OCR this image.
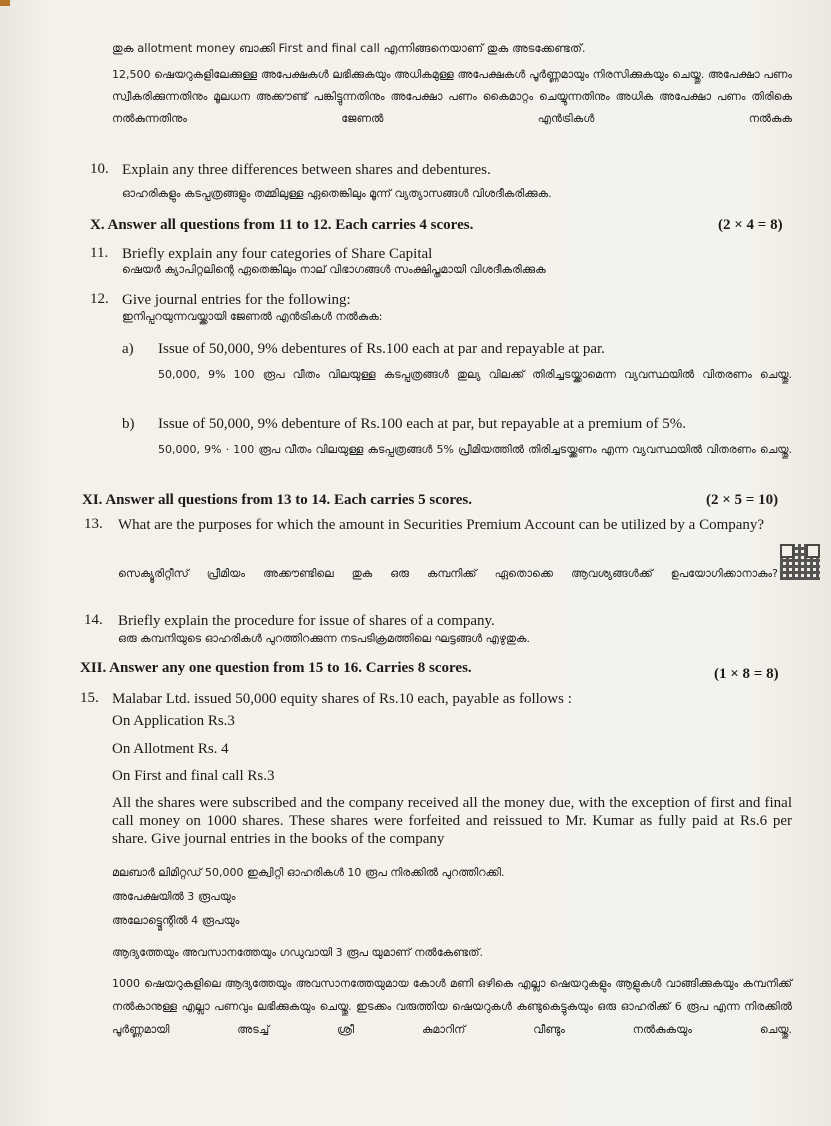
തുക allotment money ബാക്കി First and final call എന്നിങ്ങനെയാണ് തുക അടക്കേണ്ടത്.
12,500 ഷെയറുകളിലേക്കുള്ള അപേക്ഷകൾ ലഭിക്കുകയും അധികമുള്ള അപേക്ഷകൾ പൂർണ്ണമായും നിരസിക്കുകയും ചെയ്തു. അപേക്ഷാ പണം സ്വീകരിക്കുന്നതിനും മൂലധന അക്കൗണ്ട് പങ്കിട്ടുന്നതിനും അപേക്ഷാ പണം കൈമാറ്റം ചെയ്യുന്നതിനും അധിക അപേക്ഷാ പണം തിരികെ നൽകുന്നതിനും ജേണൽ എൻട്രികൾ നൽകുക
10. Explain any three differences between shares and debentures.
ഓഹരികളും കടപ്പത്രങ്ങളും തമ്മിലുള്ള ഏതെങ്കിലും മൂന്ന് വ്യത്യാസങ്ങൾ വിശദീകരിക്കുക.
X. Answer all questions from 11 to 12. Each carries 4 scores.	(2 × 4 = 8)
11. Briefly explain any four categories of Share Capital
ഷെയർ ക്യാപിറ്റലിന്റെ ഏതെങ്കിലും നാല് വിഭാഗങ്ങൾ സംക്ഷിപ്തമായി വിശദീകരിക്കുക
12. Give journal entries for the following:
ഇനിപ്പറയുന്നവയ്ക്കായി ജേണൽ എൻട്രികൾ നൽകുക:
a) Issue of 50,000, 9% debentures of Rs.100 each at par and repayable at par.
50,000, 9% 100 രൂപ വീതം വിലയുള്ള കടപ്പത്രങ്ങൾ തുല്യ വിലക്ക് തിരിച്ചടയ്ക്കാമെന്ന വ്യവസ്ഥയിൽ വിതരണം ചെയ്തു.
b) Issue of 50,000, 9% debenture of Rs.100 each at par, but repayable at a premium of 5%.
50,000, 9% · 100 രൂപ വീതം വിലയുള്ള കടപ്പത്രങ്ങൾ 5% പ്രീമിയത്തിൽ തിരിച്ചടയ്ക്കണം എന്ന വ്യവസ്ഥയിൽ വിതരണം ചെയ്തു.
XI. Answer all questions from 13 to 14. Each carries 5 scores.	(2 × 5 = 10)
13. What are the purposes for which the amount in Securities Premium Account can be utilized by a Company?
സെക്യൂരിറ്റീസ് പ്രീമിയം അക്കൗണ്ടിലെ തുക ഒരു കമ്പനിക്ക് ഏതൊക്കെ ആവശ്യങ്ങൾക്ക് ഉപയോഗിക്കാനാകും?
14. Briefly explain the procedure for issue of shares of a company.
ഒരു കമ്പനിയുടെ ഓഹരികൾ പുറത്തിറക്കുന്ന നടപടിക്രമത്തിലെ ഘട്ടങ്ങൾ എഴുതുക.
XII. Answer any one question from 15 to 16. Carries 8 scores.	(1 × 8 = 8)
15. Malabar Ltd. issued 50,000 equity shares of Rs.10 each, payable as follows :
On Application Rs.3
On Allotment Rs. 4
On First and final call Rs.3
All the shares were subscribed and the company received all the money due, with the exception of first and final call money on 1000 shares. These shares were forfeited and reissued to Mr. Kumar as fully paid at Rs.6 per share. Give journal entries in the books of the company
മലബാർ ലിമിറ്റഡ് 50,000 ഇക്വിറ്റി ഓഹരികൾ 10 രൂപ നിരക്കിൽ പുറത്തിറക്കി.
അപേക്ഷയിൽ 3 രൂപയും
അലോട്ട്മെന്റിൽ 4 രൂപയും
ആദ്യത്തേയും അവസാനത്തേയും ഗഡുവായി 3 രൂപ യുമാണ് നൽകേണ്ടത്.
1000 ഷെയറുകളിലെ ആദ്യത്തേയും അവസാനത്തേയുമായ കോൾ മണി ഒഴികെ എല്ലാ ഷെയറുകളും ആളുകൾ വാങ്ങിക്കുകയും കമ്പനിക്ക് നൽകാനുള്ള എല്ലാ പണവും ലഭിക്കുകയും ചെയ്തു. ഇടക്കം വരുത്തിയ ഷെയറുകൾ കണ്ടുകെട്ടുകയും ഒരു ഓഹരിക്ക് 6 രൂപ എന്ന നിരക്കിൽ പൂർണ്ണമായി അടച്ച് ശ്രീ കുമാറിന് വീണ്ടും നൽകുകയും ചെയ്തു.
